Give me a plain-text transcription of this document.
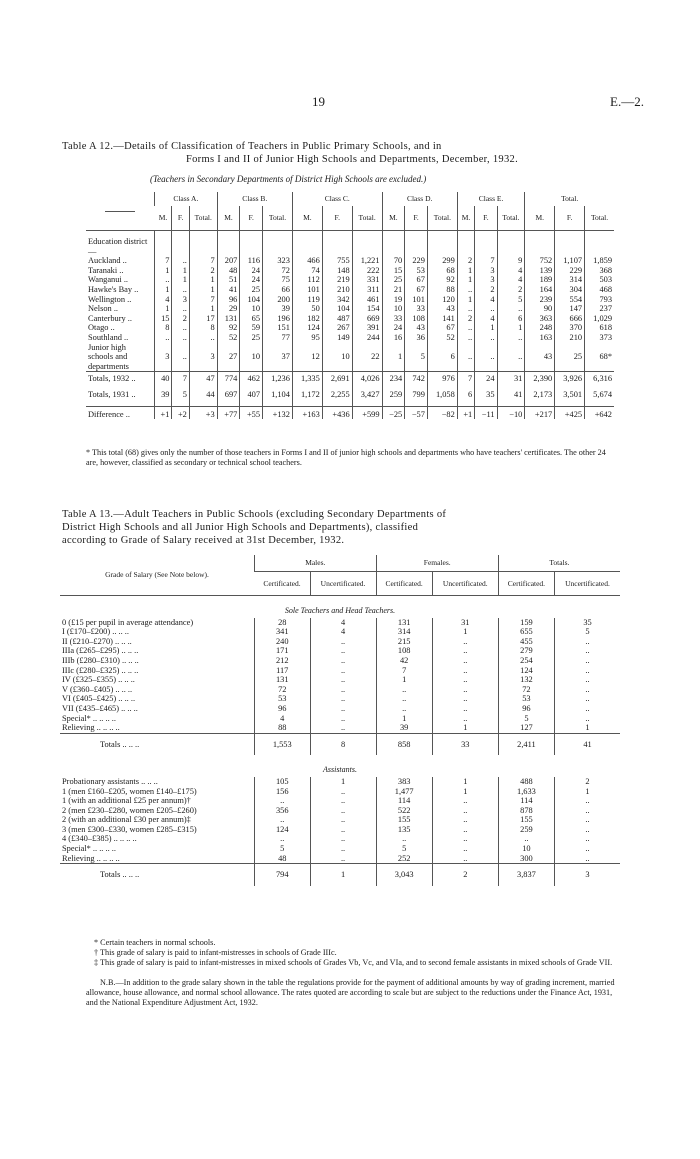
19	E.—2.
Table A 12.—Details of Classification of Teachers in Public Primary Schools, and in
Forms I and II of Junior High Schools and Departments, December, 1932.
(Teachers in Secondary Departments of District High Schools are excluded.)
	Class A.			Class B.			Class C.			Class D.			Class E.			Total.		
	M.	F.	Total.	M.	F.	Total.	M.	F.	Total.	M.	F.	Total.	M.	F.	Total.	M.	F.	Total.
Education district—																		
Auckland ..	7	..	7	207	116	323	466	755	1,221	70	229	299	2	7	9	752	1,107	1,859
Taranaki ..	1	1	2	48	24	72	74	148	222	15	53	68	1	3	4	139	229	368
Wanganui ..	..	1	1	51	24	75	112	219	331	25	67	92	1	3	4	189	314	503
Hawke's Bay ..	1	..	1	41	25	66	101	210	311	21	67	88	..	2	2	164	304	468
Wellington ..	4	3	7	96	104	200	119	342	461	19	101	120	1	4	5	239	554	793
Nelson ..	1	..	1	29	10	39	50	104	154	10	33	43	..	..	..	90	147	237
Canterbury ..	15	2	17	131	65	196	182	487	669	33	108	141	2	4	6	363	666	1,029
Otago ..	8	..	8	92	59	151	124	267	391	24	43	67	..	1	1	248	370	618
Southland ..	..	..	..	52	25	77	95	149	244	16	36	52	..	..	..	163	210	373
Junior high schools and departments	3	..	3	27	10	37	12	10	22	1	5	6	..	..	..	43	25	68*
Totals, 1932 ..	40	7	47	774	462	1,236	1,335	2,691	4,026	234	742	976	7	24	31	2,390	3,926	6,316
Totals, 1931 ..	39	5	44	697	407	1,104	1,172	2,255	3,427	259	799	1,058	6	35	41	2,173	3,501	5,674
Difference ..	+1	+2	+3	+77	+55	+132	+163	+436	+599	−25	−57	−82	+1	−11	−10	+217	+425	+642
* This total (68) gives only the number of those teachers in Forms I and II of junior high schools and departments who have teachers' certificates. The other 24 are, however, classified as secondary or technical school teachers.
Table A 13.—Adult Teachers in Public Schools (excluding Secondary Departments of
District High Schools and all Junior High Schools and Departments), classified
according to Grade of Salary received at 31st December, 1932.
Grade of Salary (See Note below).	Males.		Females.		Totals.	
	Certificated.	Uncertificated.	Certificated.	Uncertificated.	Certificated.	Uncertificated.
Sole Teachers and Head Teachers.						
0 (£15 per pupil in average attendance)	28	4	131	31	159	35
I (£170–£200) .. .. ..	341	4	314	1	655	5
II (£210–£270) .. .. ..	240	..	215	..	455	..
IIIa (£265–£295) .. .. ..	171	..	108	..	279	..
IIIb (£280–£310) .. .. ..	212	..	42	..	254	..
IIIc (£280–£325) .. .. ..	117	..	7	..	124	..
IV (£325–£355) .. .. ..	131	..	1	..	132	..
V (£360–£405) .. .. ..	72	..	..	..	72	..
VI (£405–£425) .. .. ..	53	..	..	..	53	..
VII (£435–£465) .. .. ..	96	..	..	..	96	..
Special* .. .. .. ..	4	..	1	..	5	..
Relieving .. .. .. ..	88	..	39	1	127	1
Totals .. .. ..	1,553	8	858	33	2,411	41
Assistants.						
Probationary assistants .. .. ..	105	1	383	1	488	2
1 (men £160–£205, women £140–£175)	156	..	1,477	1	1,633	1
1 (with an additional £25 per annum)†	..	..	114	..	114	..
2 (men £230–£280, women £205–£260)	356	..	522	..	878	..
2 (with an additional £30 per annum)‡	..	..	155	..	155	..
3 (men £300–£330, women £285–£315)	124	..	135	..	259	..
4 (£340–£385) .. .. .. ..	..	..	..	..	..	..
Special* .. .. .. ..	5	..	5	..	10	..
Relieving .. .. .. ..	48	..	252	..	300	..
Totals .. .. ..	794	1	3,043	2	3,837	3
* Certain teachers in normal schools.
† This grade of salary is paid to infant-mistresses in schools of Grade IIIc.
‡ This grade of salary is paid to infant-mistresses in mixed schools of Grades Vb, Vc, and VIa, and to second female assistants in mixed schools of Grade VII.
N.B.—In addition to the grade salary shown in the table the regulations provide for the payment of additional amounts by way of grading increment, married allowance, house allowance, and normal school allowance. The rates quoted are according to scale but are subject to the reductions under the Finance Act, 1931, and the National Expenditure Adjustment Act, 1932.
